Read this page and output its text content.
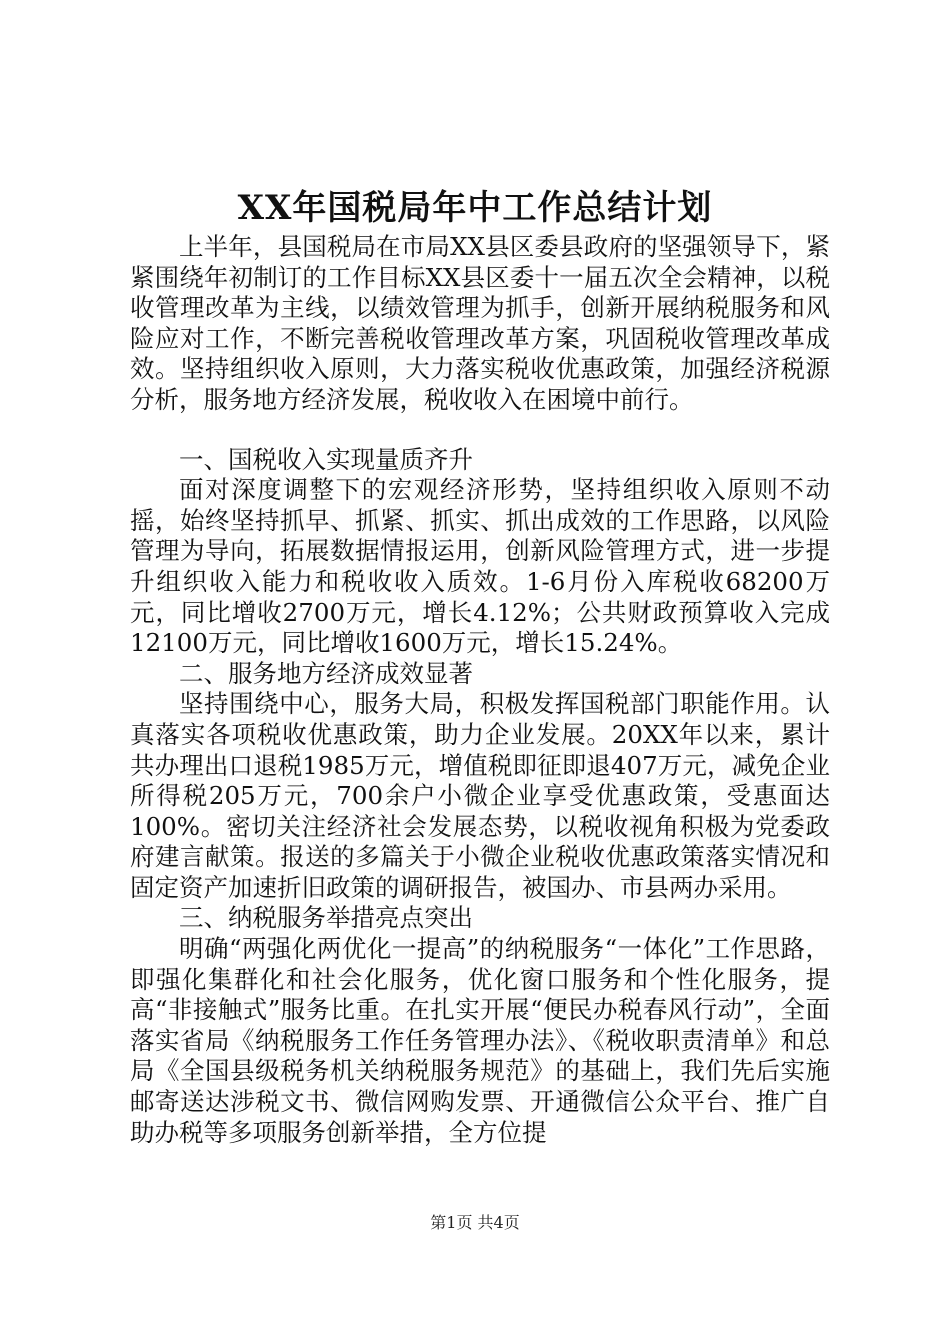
XX年国税局年中工作总结计划

上半年，县国税局在市局XX县区委县政府的坚强领导下，紧紧围绕年初制订的工作目标XX县区委十一届五次全会精神，以税收管理改革为主线，以绩效管理为抓手，创新开展纳税服务和风险应对工作，不断完善税收管理改革方案，巩固税收管理改革成效。坚持组织收入原则，大力落实税收优惠政策，加强经济税源分析，服务地方经济发展，税收收入在困境中前行。

一、国税收入实现量质齐升

面对深度调整下的宏观经济形势，坚持组织收入原则不动摇，始终坚持抓早、抓紧、抓实、抓出成效的工作思路，以风险管理为导向，拓展数据情报运用，创新风险管理方式，进一步提升组织收入能力和税收收入质效。1-6月份入库税收68200万元，同比增收2700万元，增长4.12%；公共财政预算收入完成12100万元，同比增收1600万元，增长15.24%。

二、服务地方经济成效显著

坚持围绕中心，服务大局，积极发挥国税部门职能作用。认真落实各项税收优惠政策，助力企业发展。20XX年以来，累计共办理出口退税1985万元，增值税即征即退407万元，减免企业所得税205万元，700余户小微企业享受优惠政策，受惠面达100%。密切关注经济社会发展态势，以税收视角积极为党委政府建言献策。报送的多篇关于小微企业税收优惠政策落实情况和固定资产加速折旧政策的调研报告，被国办、市县两办采用。

三、纳税服务举措亮点突出

明确“两强化两优化一提高”的纳税服务“一体化”工作思路，即强化集群化和社会化服务，优化窗口服务和个性化服务，提高“非接触式”服务比重。在扎实开展“便民办税春风行动”，全面落实省局《纳税服务工作任务管理办法》、《税收职责清单》和总局《全国县级税务机关纳税服务规范》的基础上，我们先后实施邮寄送达涉税文书、微信网购发票、开通微信公众平台、推广自助办税等多项服务创新举措，全方位提

第1页 共4页
